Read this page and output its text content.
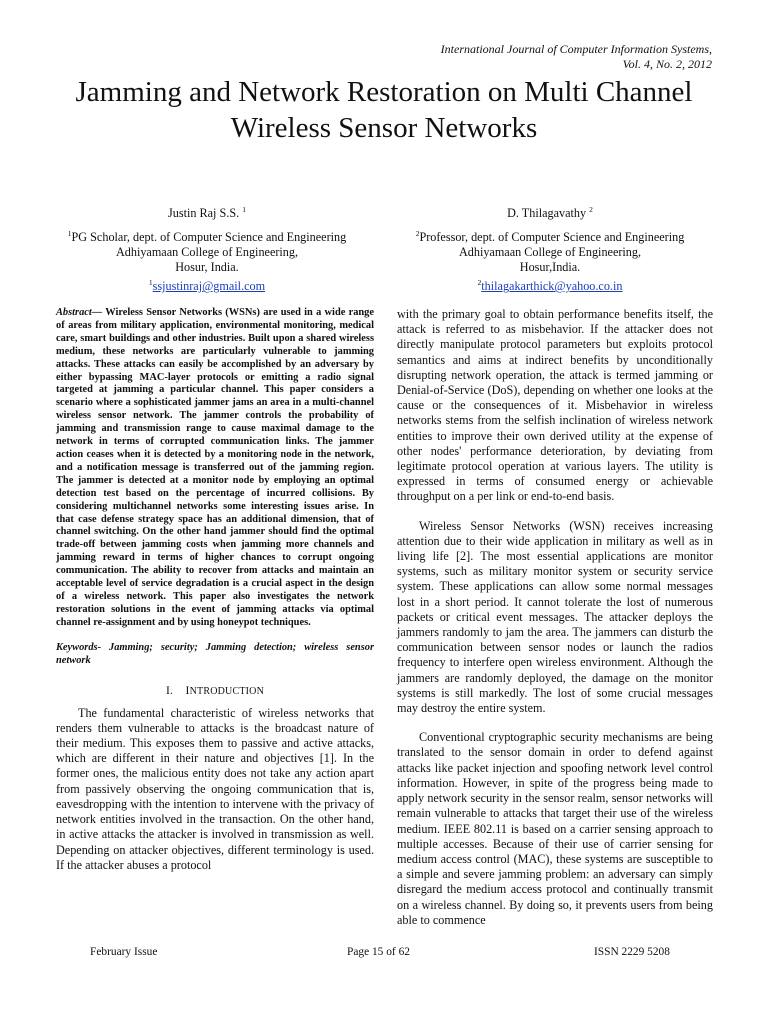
International Journal of Computer Information Systems,
Vol. 4, No. 2, 2012
Jamming and Network Restoration on Multi Channel
Wireless Sensor Networks
Justin Raj S.S. $^1$
$^1$PG Scholar, dept. of Computer Science and Engineering
Adhiyamaan College of Engineering,
Hosur, India.
$^1$ssjustinraj@gmail.com
D. Thilagavathy $^2$
$^2$Professor, dept. of Computer Science and Engineering
Adhiyamaan College of Engineering,
Hosur,India.
$^2$thilagakarthick@yahoo.co.in

Abstract— Wireless Sensor Networks (WSNs) are used in a wide range of areas from military application, environmental monitoring, medical care, smart buildings and other industries. Built upon a shared wireless medium, these networks are particularly vulnerable to jamming attacks. These attacks can easily be accomplished by an adversary by either bypassing MAC-layer protocols or emitting a radio signal targeted at jamming a particular channel. This paper considers a scenario where a sophisticated jammer jams an area in a multi-channel wireless sensor network. The jammer controls the probability of jamming and transmission range to cause maximal damage to the network in terms of corrupted communication links. The jammer action ceases when it is detected by a monitoring node in the network, and a notification message is transferred out of the jamming region. The jammer is detected at a monitor node by employing an optimal detection test based on the percentage of incurred collisions. By considering multichannel networks some interesting issues arise. In that case defense strategy space has an additional dimension, that of channel switching. On the other hand jammer should find the optimal trade-off between jamming costs when jamming more channels and jamming reward in terms of higher chances to corrupt ongoing communication. The ability to recover from attacks and maintain an acceptable level of service degradation is a crucial aspect in the design of a wireless network. This paper also investigates the network restoration solutions in the event of jamming attacks via optimal channel re-assignment and by using honeypot techniques.

Keywords- Jamming; security; Jamming detection; wireless sensor network

I. INTRODUCTION

The fundamental characteristic of wireless networks that renders them vulnerable to attacks is the broadcast nature of their medium. This exposes them to passive and active attacks, which are different in their nature and objectives [1]. In the former ones, the malicious entity does not take any action apart from passively observing the ongoing communication that is, eavesdropping with the intention to intervene with the privacy of network entities involved in the transaction. On the other hand, in active attacks the attacker is involved in transmission as well. Depending on attacker objectives, different terminology is used. If the attacker abuses a protocol

with the primary goal to obtain performance benefits itself, the attack is referred to as misbehavior. If the attacker does not directly manipulate protocol parameters but exploits protocol semantics and aims at indirect benefits by unconditionally disrupting network operation, the attack is termed jamming or Denial-of-Service (DoS), depending on whether one looks at the cause or the consequences of it. Misbehavior in wireless networks stems from the selfish inclination of wireless network entities to improve their own derived utility at the expense of other nodes' performance deterioration, by deviating from legitimate protocol operation at various layers. The utility is expressed in terms of consumed energy or achievable throughput on a per link or end-to-end basis.

Wireless Sensor Networks (WSN) receives increasing attention due to their wide application in military as well as in living life [2]. The most essential applications are monitor systems, such as military monitor system or security service system. These applications can allow some normal messages lost in a short period. It cannot tolerate the lost of numerous packets or critical event messages. The attacker deploys the jammers randomly to jam the area. The jammers can disturb the communication between sensor nodes or launch the radios frequency to interfere open wireless environment. Although the jammers are randomly deployed, the damage on the monitor systems is still markedly. The lost of some crucial messages may destroy the entire system.

Conventional cryptographic security mechanisms are being translated to the sensor domain in order to defend against attacks like packet injection and spoofing network level control information. However, in spite of the progress being made to apply network security in the sensor realm, sensor networks will remain vulnerable to attacks that target their use of the wireless medium. IEEE 802.11 is based on a carrier sensing approach to multiple accesses. Because of their use of carrier sensing for medium access control (MAC), these systems are susceptible to a simple and severe jamming problem: an adversary can simply disregard the medium access protocol and continually transmit on a wireless channel. By doing so, it prevents users from being able to commence

February Issue	Page 15 of 62	ISSN 2229 5208
